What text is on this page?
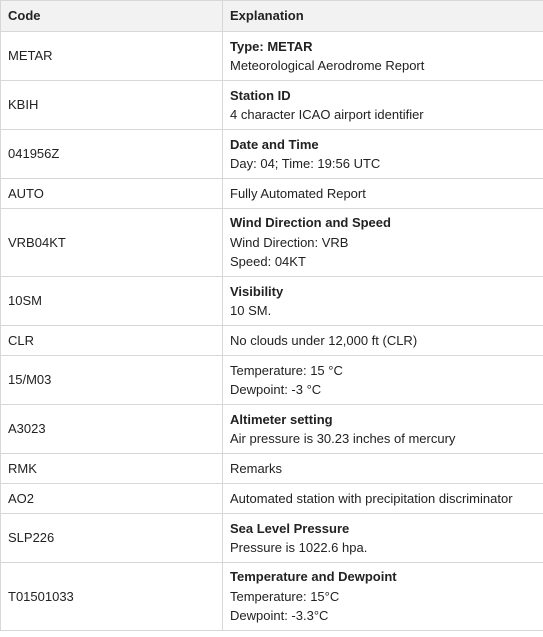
Code	Explanation
METAR	Type: METAR
Meteorological Aerodrome Report

KBIH	Station ID
4 character ICAO airport identifier

041956Z	Date and Time
Day: 04; Time: 19:56 UTC

AUTO	Fully Automated Report

VRB04KT	Wind Direction and Speed
Wind Direction: VRB
Speed: 04KT

10SM	Visibility
10 SM.

CLR	No clouds under 12,000 ft (CLR)

15/M03	Temperature: 15 °C
Dewpoint: -3 °C

A3023	Altimeter setting
Air pressure is 30.23 inches of mercury

RMK	Remarks

AO2	Automated station with precipitation discriminator

SLP226	Sea Level Pressure
Pressure is 1022.6 hpa.

T01501033	Temperature and Dewpoint
Temperature: 15°C
Dewpoint: -3.3°C
